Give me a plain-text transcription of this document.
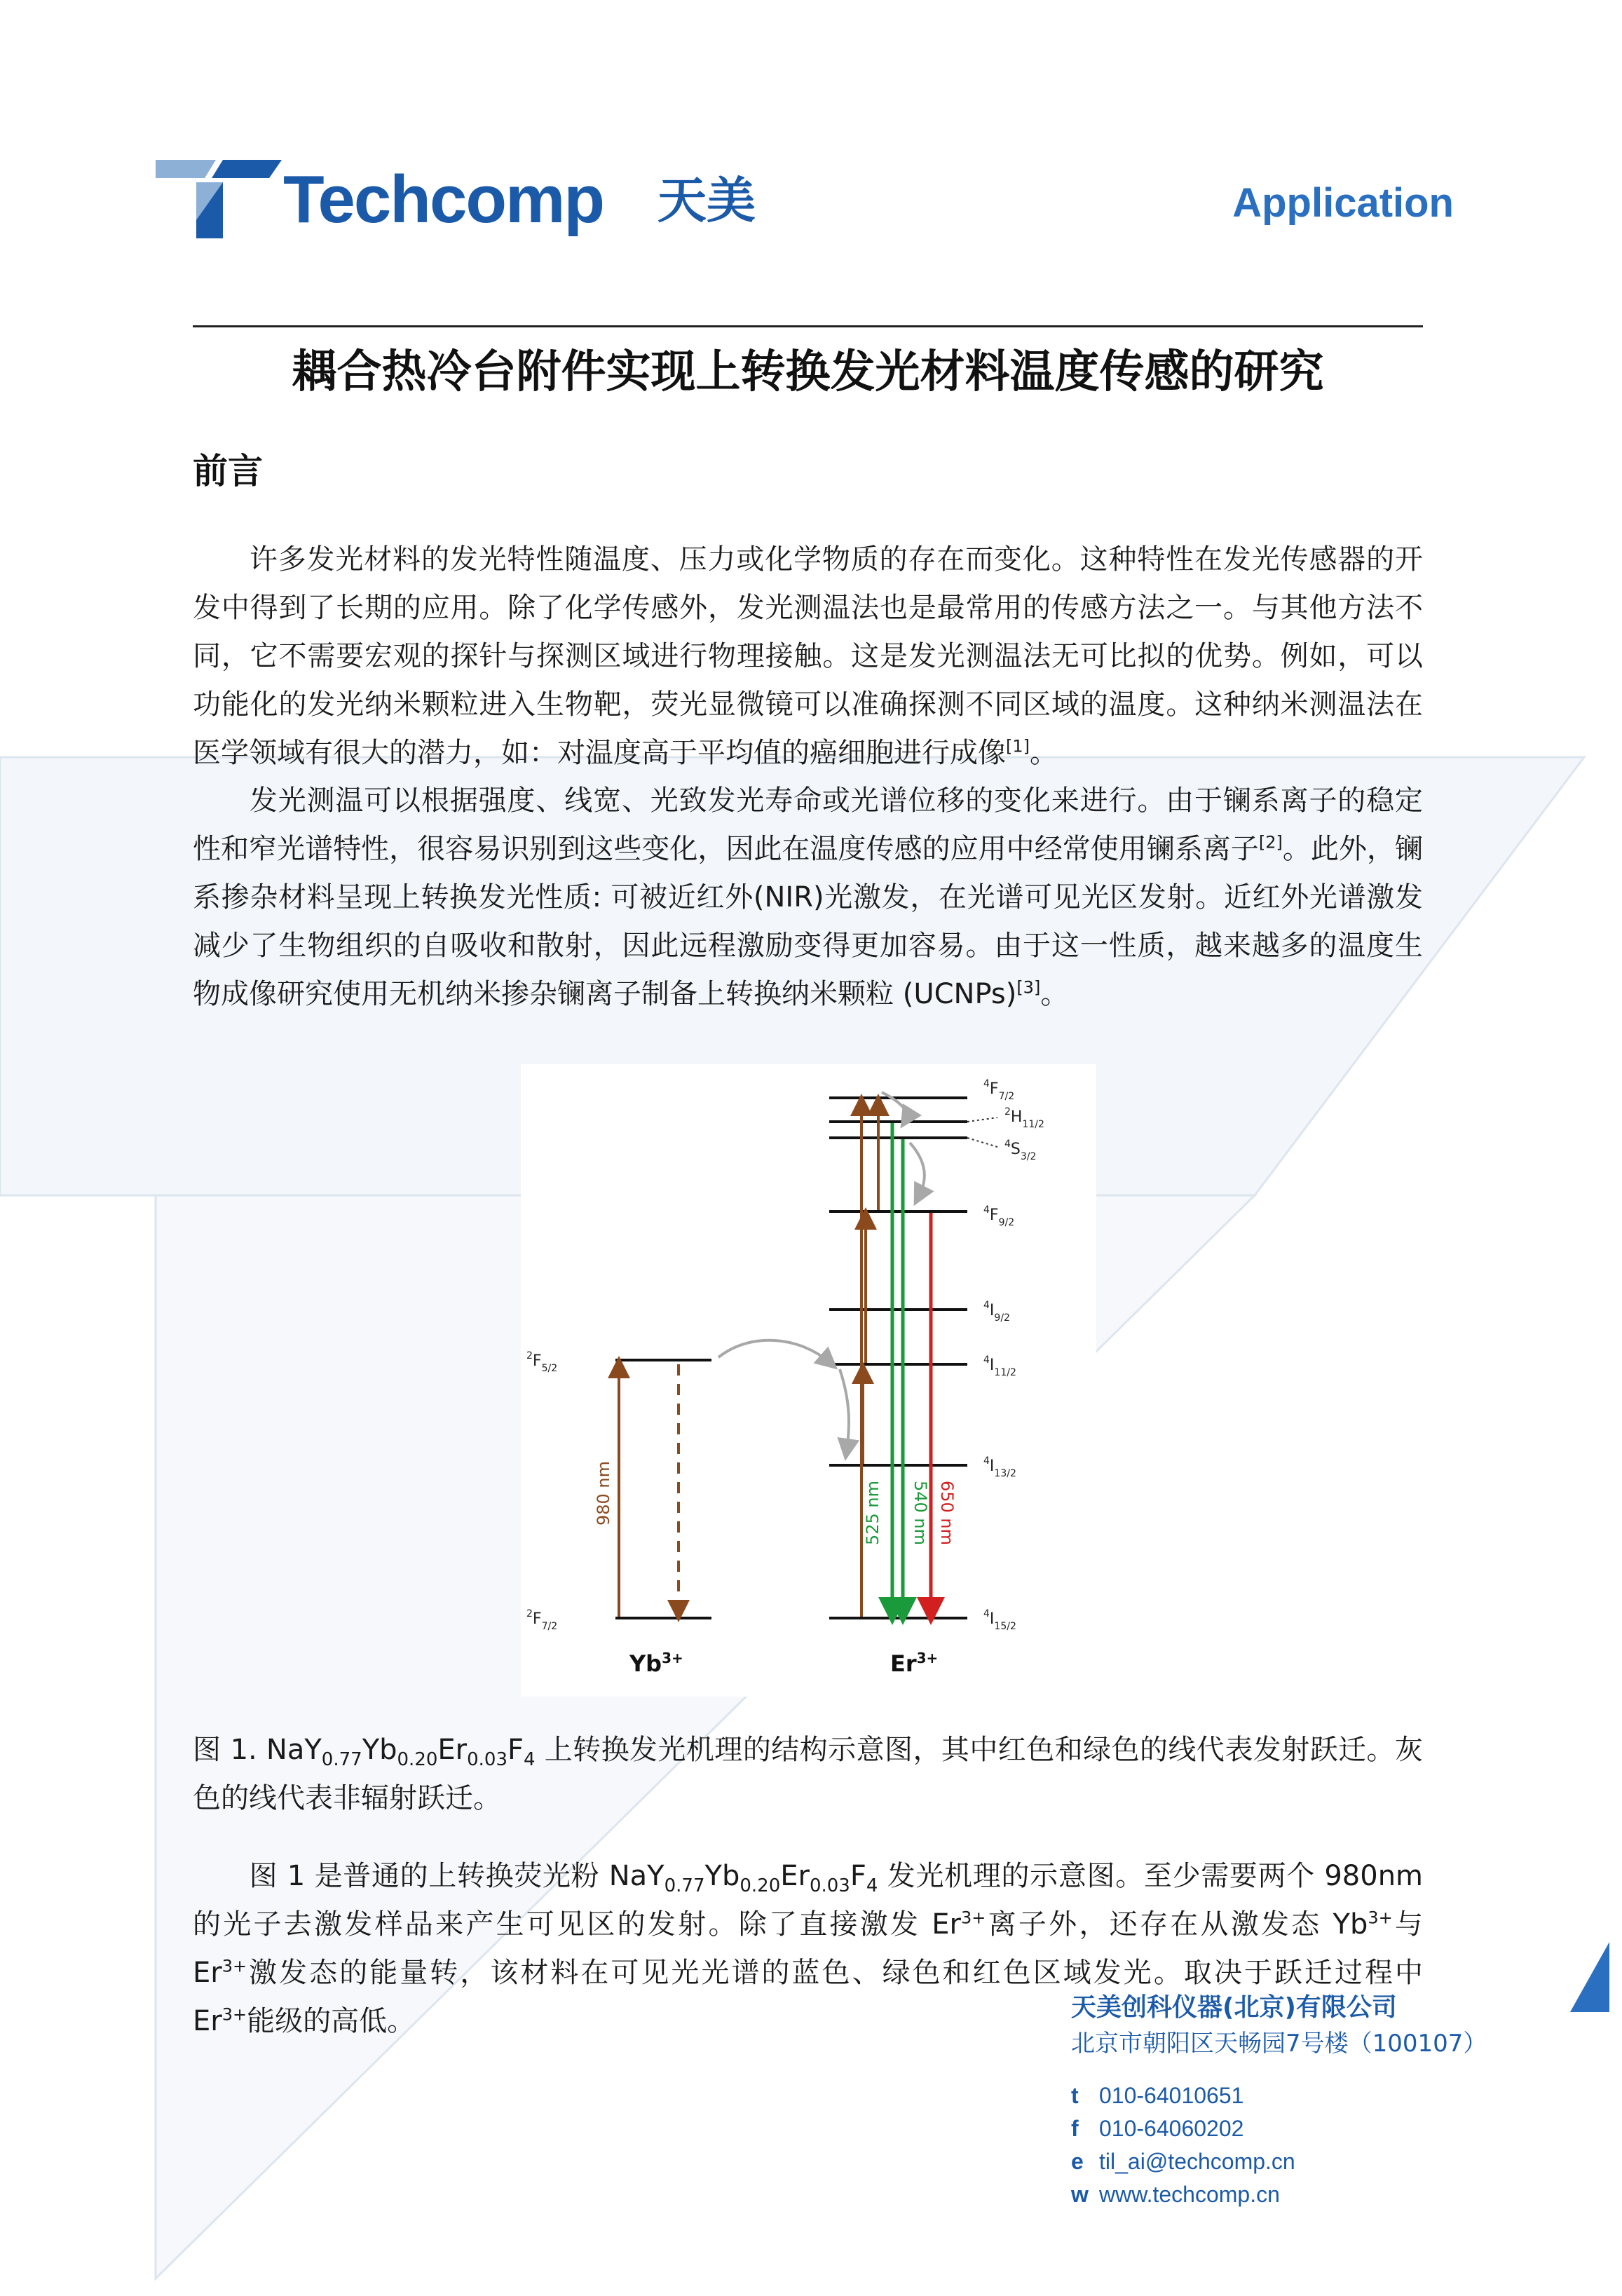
Techcomp 天美	Application
耦合热冷台附件实现上转换发光材料温度传感的研究
前言
许多发光材料的发光特性随温度、压力或化学物质的存在而变化。这种特性在发光传感器的开发中得到了长期的应用。除了化学传感外，发光测温法也是最常用的传感方法之一。与其他方法不同，它不需要宏观的探针与探测区域进行物理接触。这是发光测温法无可比拟的优势。例如，可以功能化的发光纳米颗粒进入生物靶，荧光显微镜可以准确探测不同区域的温度。这种纳米测温法在医学领域有很大的潜力，如：对温度高于平均值的癌细胞进行成像[1]。
发光测温可以根据强度、线宽、光致发光寿命或光谱位移的变化来进行。由于镧系离子的稳定性和窄光谱特性，很容易识别到这些变化，因此在温度传感的应用中经常使用镧系离子[2]。此外，镧系掺杂材料呈现上转换发光性质: 可被近红外(NIR)光激发，在光谱可见光区发射。近红外光谱激发减少了生物组织的自吸收和散射，因此远程激励变得更加容易。由于这一性质，越来越多的温度生物成像研究使用无机纳米掺杂镧离子制备上转换纳米颗粒 (UCNPs)[3]。
980 nm	525 nm 540 nm 650 nm
$^2F_{5/2}$
$^2F_{7/2}$
$^4F_{7/2}$
$^2H_{11/2}$
$^4S_{3/2}$
$^4F_{9/2}$
$^4I_{9/2}$
$^4I_{11/2}$
$^4I_{13/2}$
$^4I_{15/2}$
$Yb^{3+}$	$Er^{3+}$
图 1. $NaY_{0.77}Yb_{0.20}Er_{0.03}F_4$ 上转换发光机理的结构示意图，其中红色和绿色的线代表发射跃迁。灰色的线代表非辐射跃迁。
图 1 是普通的上转换荧光粉 $NaY_{0.77}Yb_{0.20}Er_{0.03}F_4$ 发光机理的示意图。至少需要两个 980nm 的光子去激发样品来产生可见区的发射。除了直接激发 $Er^{3+}$离子外，还存在从激发态 $Yb^{3+}$与 $Er^{3+}$激发态的能量转，该材料在可见光光谱的蓝色、绿色和红色区域发光。取决于跃迁过程中 $Er^{3+}$能级的高低。	天美创科仪器(北京)有限公司
北京市朝阳区天畅园7号楼（100107）
t 010-64010651
f 010-64060202
e til_ai@techcomp.cn
w www.techcomp.cn
